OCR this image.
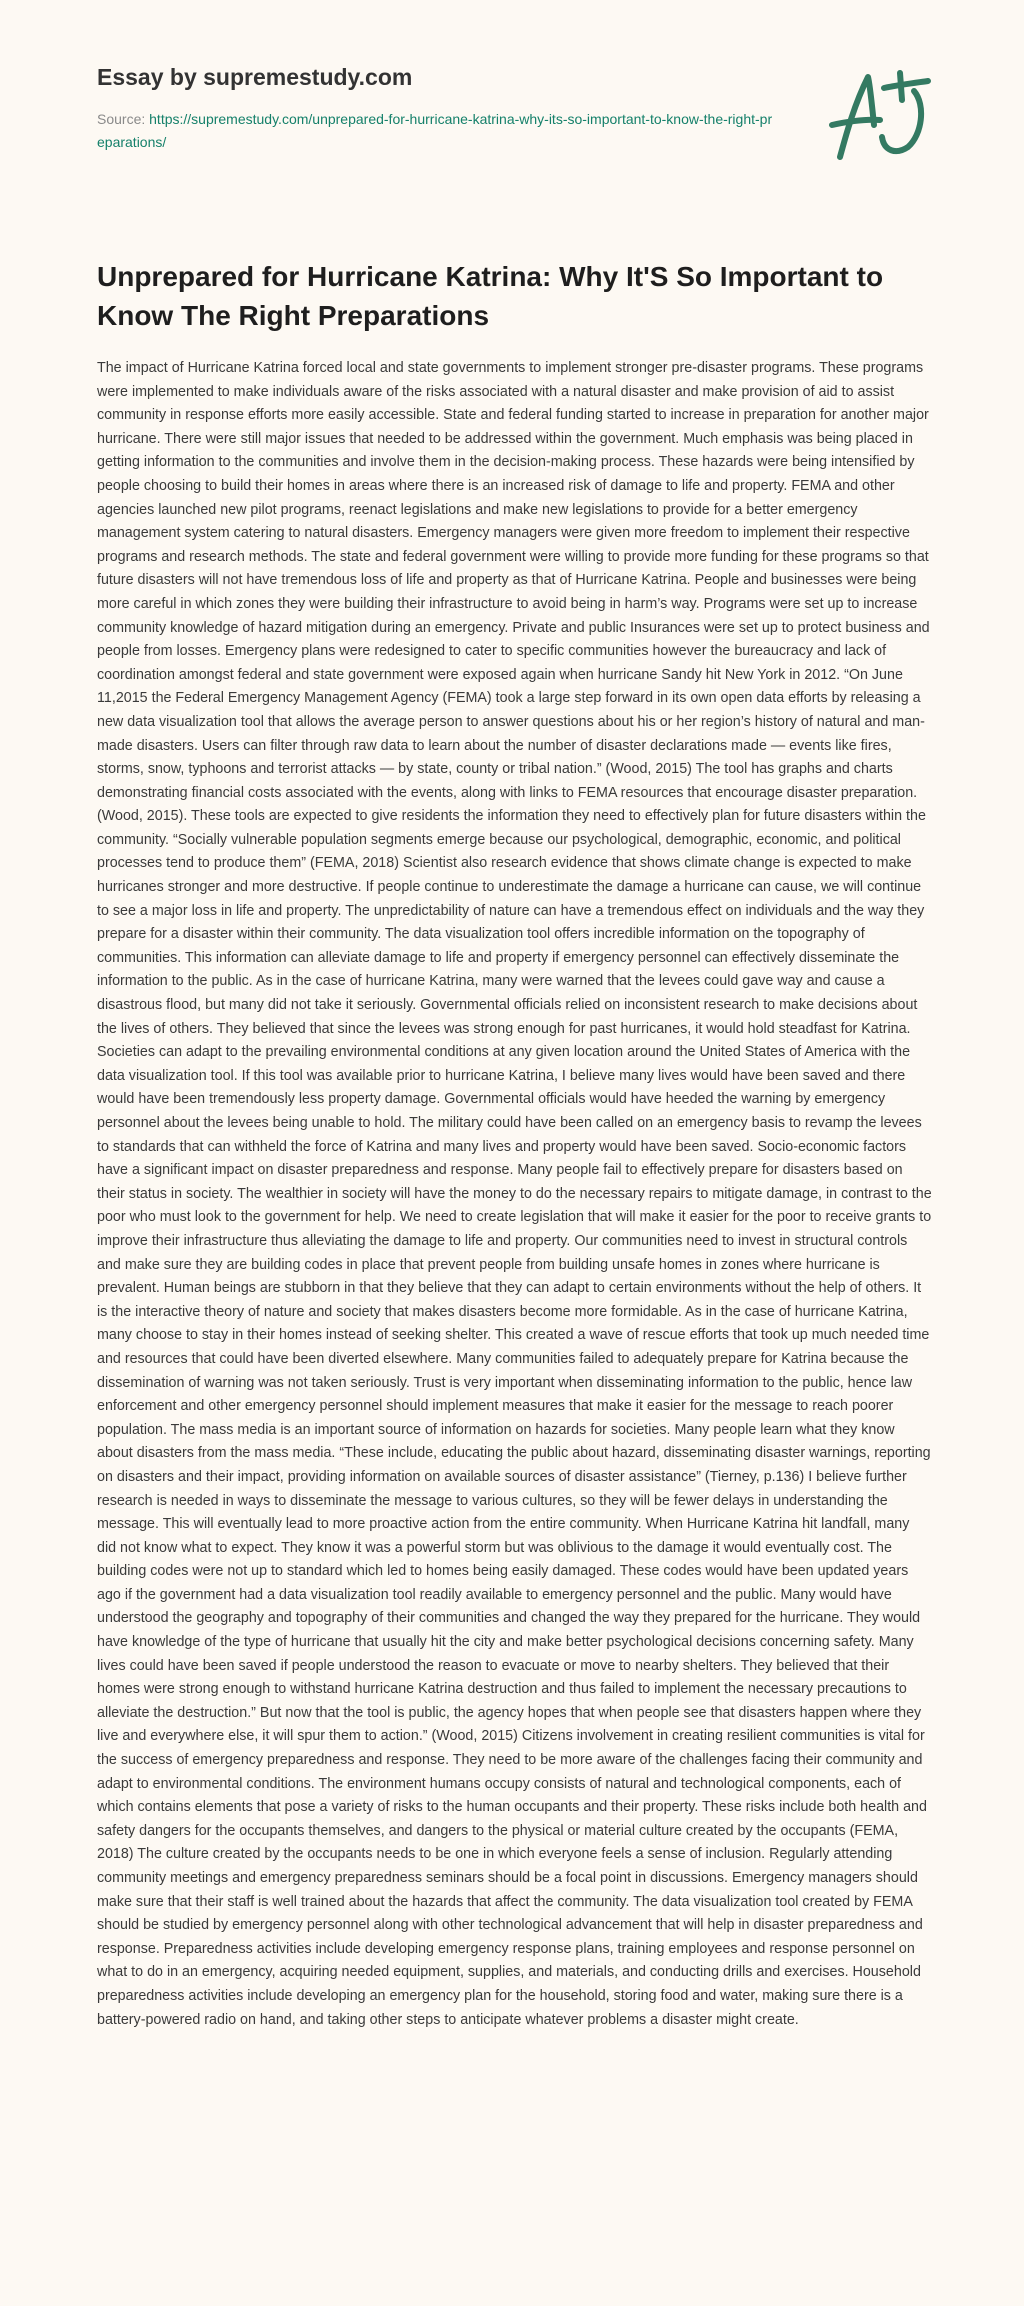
Essay by supremestudy.com
Source: https://supremestudy.com/unprepared-for-hurricane-katrina-why-its-so-important-to-know-the-right-preparations/
Unprepared for Hurricane Katrina: Why It'S So Important to Know The Right Preparations

The impact of Hurricane Katrina forced local and state governments to implement stronger pre-disaster programs. These programs were implemented to make individuals aware of the risks associated with a natural disaster and make provision of aid to assist community in response efforts more easily accessible. State and federal funding started to increase in preparation for another major hurricane. There were still major issues that needed to be addressed within the government. Much emphasis was being placed in getting information to the communities and involve them in the decision-making process. These hazards were being intensified by people choosing to build their homes in areas where there is an increased risk of damage to life and property. FEMA and other agencies launched new pilot programs, reenact legislations and make new legislations to provide for a better emergency management system catering to natural disasters. Emergency managers were given more freedom to implement their respective programs and research methods. The state and federal government were willing to provide more funding for these programs so that future disasters will not have tremendous loss of life and property as that of Hurricane Katrina. People and businesses were being more careful in which zones they were building their infrastructure to avoid being in harm’s way. Programs were set up to increase community knowledge of hazard mitigation during an emergency. Private and public Insurances were set up to protect business and people from losses. Emergency plans were redesigned to cater to specific communities however the bureaucracy and lack of coordination amongst federal and state government were exposed again when hurricane Sandy hit New York in 2012. “On June 11,2015 the Federal Emergency Management Agency (FEMA) took a large step forward in its own open data efforts by releasing a new data visualization tool that allows the average person to answer questions about his or her region’s history of natural and man-made disasters. Users can filter through raw data to learn about the number of disaster declarations made — events like fires, storms, snow, typhoons and terrorist attacks — by state, county or tribal nation.” (Wood, 2015) The tool has graphs and charts demonstrating financial costs associated with the events, along with links to FEMA resources that encourage disaster preparation. (Wood, 2015). These tools are expected to give residents the information they need to effectively plan for future disasters within the community. “Socially vulnerable population segments emerge because our psychological, demographic, economic, and political processes tend to produce them” (FEMA, 2018) Scientist also research evidence that shows climate change is expected to make hurricanes stronger and more destructive. If people continue to underestimate the damage a hurricane can cause, we will continue to see a major loss in life and property. The unpredictability of nature can have a tremendous effect on individuals and the way they prepare for a disaster within their community. The data visualization tool offers incredible information on the topography of communities. This information can alleviate damage to life and property if emergency personnel can effectively disseminate the information to the public. As in the case of hurricane Katrina, many were warned that the levees could gave way and cause a disastrous flood, but many did not take it seriously. Governmental officials relied on inconsistent research to make decisions about the lives of others. They believed that since the levees was strong enough for past hurricanes, it would hold steadfast for Katrina. Societies can adapt to the prevailing environmental conditions at any given location around the United States of America with the data visualization tool. If this tool was available prior to hurricane Katrina, I believe many lives would have been saved and there would have been tremendously less property damage. Governmental officials would have heeded the warning by emergency personnel about the levees being unable to hold. The military could have been called on an emergency basis to revamp the levees to standards that can withheld the force of Katrina and many lives and property would have been saved. Socio-economic factors have a significant impact on disaster preparedness and response. Many people fail to effectively prepare for disasters based on their status in society. The wealthier in society will have the money to do the necessary repairs to mitigate damage, in contrast to the poor who must look to the government for help. We need to create legislation that will make it easier for the poor to receive grants to improve their infrastructure thus alleviating the damage to life and property. Our communities need to invest in structural controls and make sure they are building codes in place that prevent people from building unsafe homes in zones where hurricane is prevalent. Human beings are stubborn in that they believe that they can adapt to certain environments without the help of others. It is the interactive theory of nature and society that makes disasters become more formidable. As in the case of hurricane Katrina, many choose to stay in their homes instead of seeking shelter. This created a wave of rescue efforts that took up much needed time and resources that could have been diverted elsewhere. Many communities failed to adequately prepare for Katrina because the dissemination of warning was not taken seriously. Trust is very important when disseminating information to the public, hence law enforcement and other emergency personnel should implement measures that make it easier for the message to reach poorer population. The mass media is an important source of information on hazards for societies. Many people learn what they know about disasters from the mass media. “These include, educating the public about hazard, disseminating disaster warnings, reporting on disasters and their impact, providing information on available sources of disaster assistance” (Tierney, p.136) I believe further research is needed in ways to disseminate the message to various cultures, so they will be fewer delays in understanding the message. This will eventually lead to more proactive action from the entire community. When Hurricane Katrina hit landfall, many did not know what to expect. They know it was a powerful storm but was oblivious to the damage it would eventually cost. The building codes were not up to standard which led to homes being easily damaged. These codes would have been updated years ago if the government had a data visualization tool readily available to emergency personnel and the public. Many would have understood the geography and topography of their communities and changed the way they prepared for the hurricane. They would have knowledge of the type of hurricane that usually hit the city and make better psychological decisions concerning safety. Many lives could have been saved if people understood the reason to evacuate or move to nearby shelters. They believed that their homes were strong enough to withstand hurricane Katrina destruction and thus failed to implement the necessary precautions to alleviate the destruction.” But now that the tool is public, the agency hopes that when people see that disasters happen where they live and everywhere else, it will spur them to action.” (Wood, 2015) Citizens involvement in creating resilient communities is vital for the success of emergency preparedness and response. They need to be more aware of the challenges facing their community and adapt to environmental conditions. The environment humans occupy consists of natural and technological components, each of which contains elements that pose a variety of risks to the human occupants and their property. These risks include both health and safety dangers for the occupants themselves, and dangers to the physical or material culture created by the occupants (FEMA, 2018) The culture created by the occupants needs to be one in which everyone feels a sense of inclusion. Regularly attending community meetings and emergency preparedness seminars should be a focal point in discussions. Emergency managers should make sure that their staff is well trained about the hazards that affect the community. The data visualization tool created by FEMA should be studied by emergency personnel along with other technological advancement that will help in disaster preparedness and response. Preparedness activities include developing emergency response plans, training employees and response personnel on what to do in an emergency, acquiring needed equipment, supplies, and materials, and conducting drills and exercises. Household preparedness activities include developing an emergency plan for the household, storing food and water, making sure there is a battery-powered radio on hand, and taking other steps to anticipate whatever problems a disaster might create.
